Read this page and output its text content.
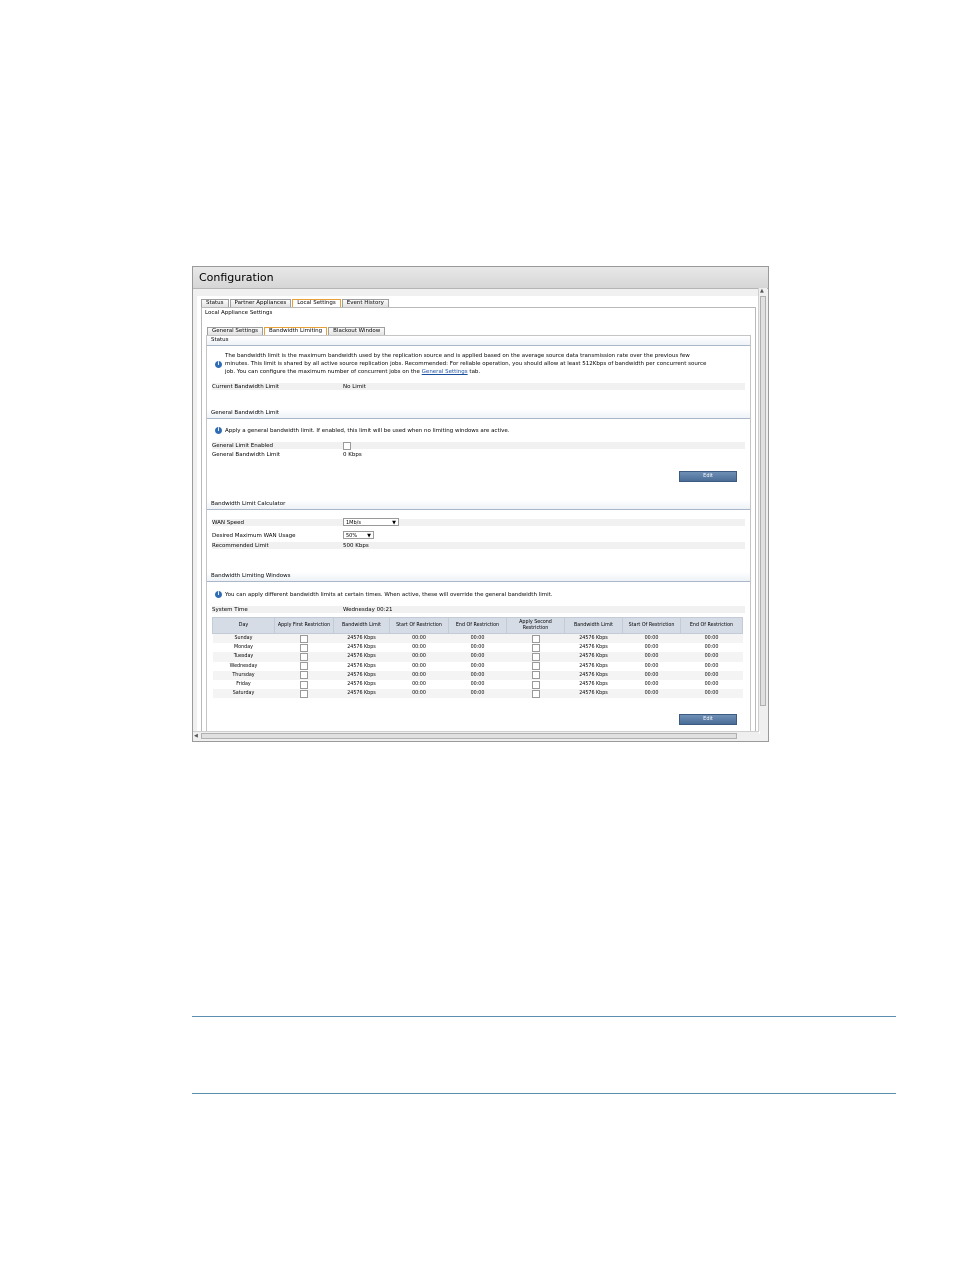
Configuration
Status	Partner Appliances	Local Settings	Event History
Local Appliance Settings
General Settings	Bandwidth Limiting	Blackout Window
Status
i
The bandwidth limit is the maximum bandwidth used by the replication source and is applied based on the average source data transmission rate over the previous few
minutes. This limit is shared by all active source replication jobs. Recommended: For reliable operation, you should allow at least 512Kbps of bandwidth per concurrent source
job. You can configure the maximum number of concurrent jobs on the General Settings tab.
Current Bandwidth Limit	No Limit
General Bandwidth Limit
i	Apply a general bandwidth limit. If enabled, this limit will be used when no limiting windows are active.
General Limit Enabled
General Bandwidth Limit	0 Kbps
Edit
Bandwidth Limit Calculator
WAN Speed	1Mb/s	▼
Desired Maximum WAN Usage	50% ▼
Recommended Limit	500 Kbps
Bandwidth Limiting Windows
i	You can apply different bandwidth limits at certain times. When active, these will override the general bandwidth limit.
System Time	Wednesday 00:21
Day	Apply First Restriction	Bandwidth Limit	Start Of Restriction	End Of Restriction	Apply Second Restriction	Bandwidth Limit	Start Of Restriction	End Of Restriction
Sunday		24576 Kbps	00:00	00:00		24576 Kbps	00:00	00:00
Monday		24576 Kbps	00:00	00:00		24576 Kbps	00:00	00:00
Tuesday		24576 Kbps	00:00	00:00		24576 Kbps	00:00	00:00
Wednesday		24576 Kbps	00:00	00:00		24576 Kbps	00:00	00:00
Thursday		24576 Kbps	00:00	00:00		24576 Kbps	00:00	00:00
Friday		24576 Kbps	00:00	00:00		24576 Kbps	00:00	00:00
Saturday		24576 Kbps	00:00	00:00		24576 Kbps	00:00	00:00
Edit
▲
◀
